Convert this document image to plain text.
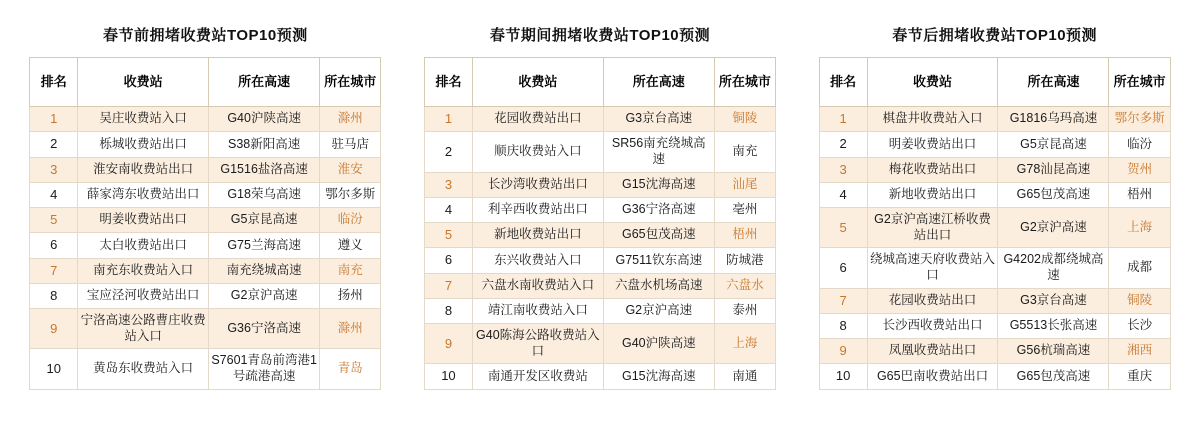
春节前拥堵收费站TOP10预测
排名	收费站	所在高速	所在城市
1	吴庄收费站入口	G40沪陕高速	滁州
2	栎城收费站出口	S38新阳高速	驻马店
3	淮安南收费站出口	G1516盐洛高速	淮安
4	薛家湾东收费站出口	G18荣乌高速	鄂尔多斯
5	明姜收费站出口	G5京昆高速	临汾
6	太白收费站出口	G75兰海高速	遵义
7	南充东收费站入口	南充绕城高速	南充
8	宝应泾河收费站出口	G2京沪高速	扬州
9	宁洛高速公路曹庄收费站入口	G36宁洛高速	滁州
10	黄岛东收费站入口	S7601青岛前湾港1号疏港高速	青岛
春节期间拥堵收费站TOP10预测
排名	收费站	所在高速	所在城市
1	花园收费站出口	G3京台高速	铜陵
2	顺庆收费站入口	SR56南充绕城高速	南充
3	长沙湾收费站出口	G15沈海高速	汕尾
4	利辛西收费站出口	G36宁洛高速	亳州
5	新地收费站出口	G65包茂高速	梧州
6	东兴收费站入口	G7511钦东高速	防城港
7	六盘水南收费站入口	六盘水机场高速	六盘水
8	靖江南收费站入口	G2京沪高速	泰州
9	G40陈海公路收费站入口	G40沪陕高速	上海
10	南通开发区收费站	G15沈海高速	南通
春节后拥堵收费站TOP10预测
排名	收费站	所在高速	所在城市
1	棋盘井收费站入口	G1816乌玛高速	鄂尔多斯
2	明姜收费站出口	G5京昆高速	临汾
3	梅花收费站出口	G78汕昆高速	贺州
4	新地收费站出口	G65包茂高速	梧州
5	G2京沪高速江桥收费站出口	G2京沪高速	上海
6	绕城高速天府收费站入口	G4202成都绕城高速	成都
7	花园收费站出口	G3京台高速	铜陵
8	长沙西收费站出口	G5513长张高速	长沙
9	凤凰收费站出口	G56杭瑞高速	湘西
10	G65巴南收费站出口	G65包茂高速	重庆
